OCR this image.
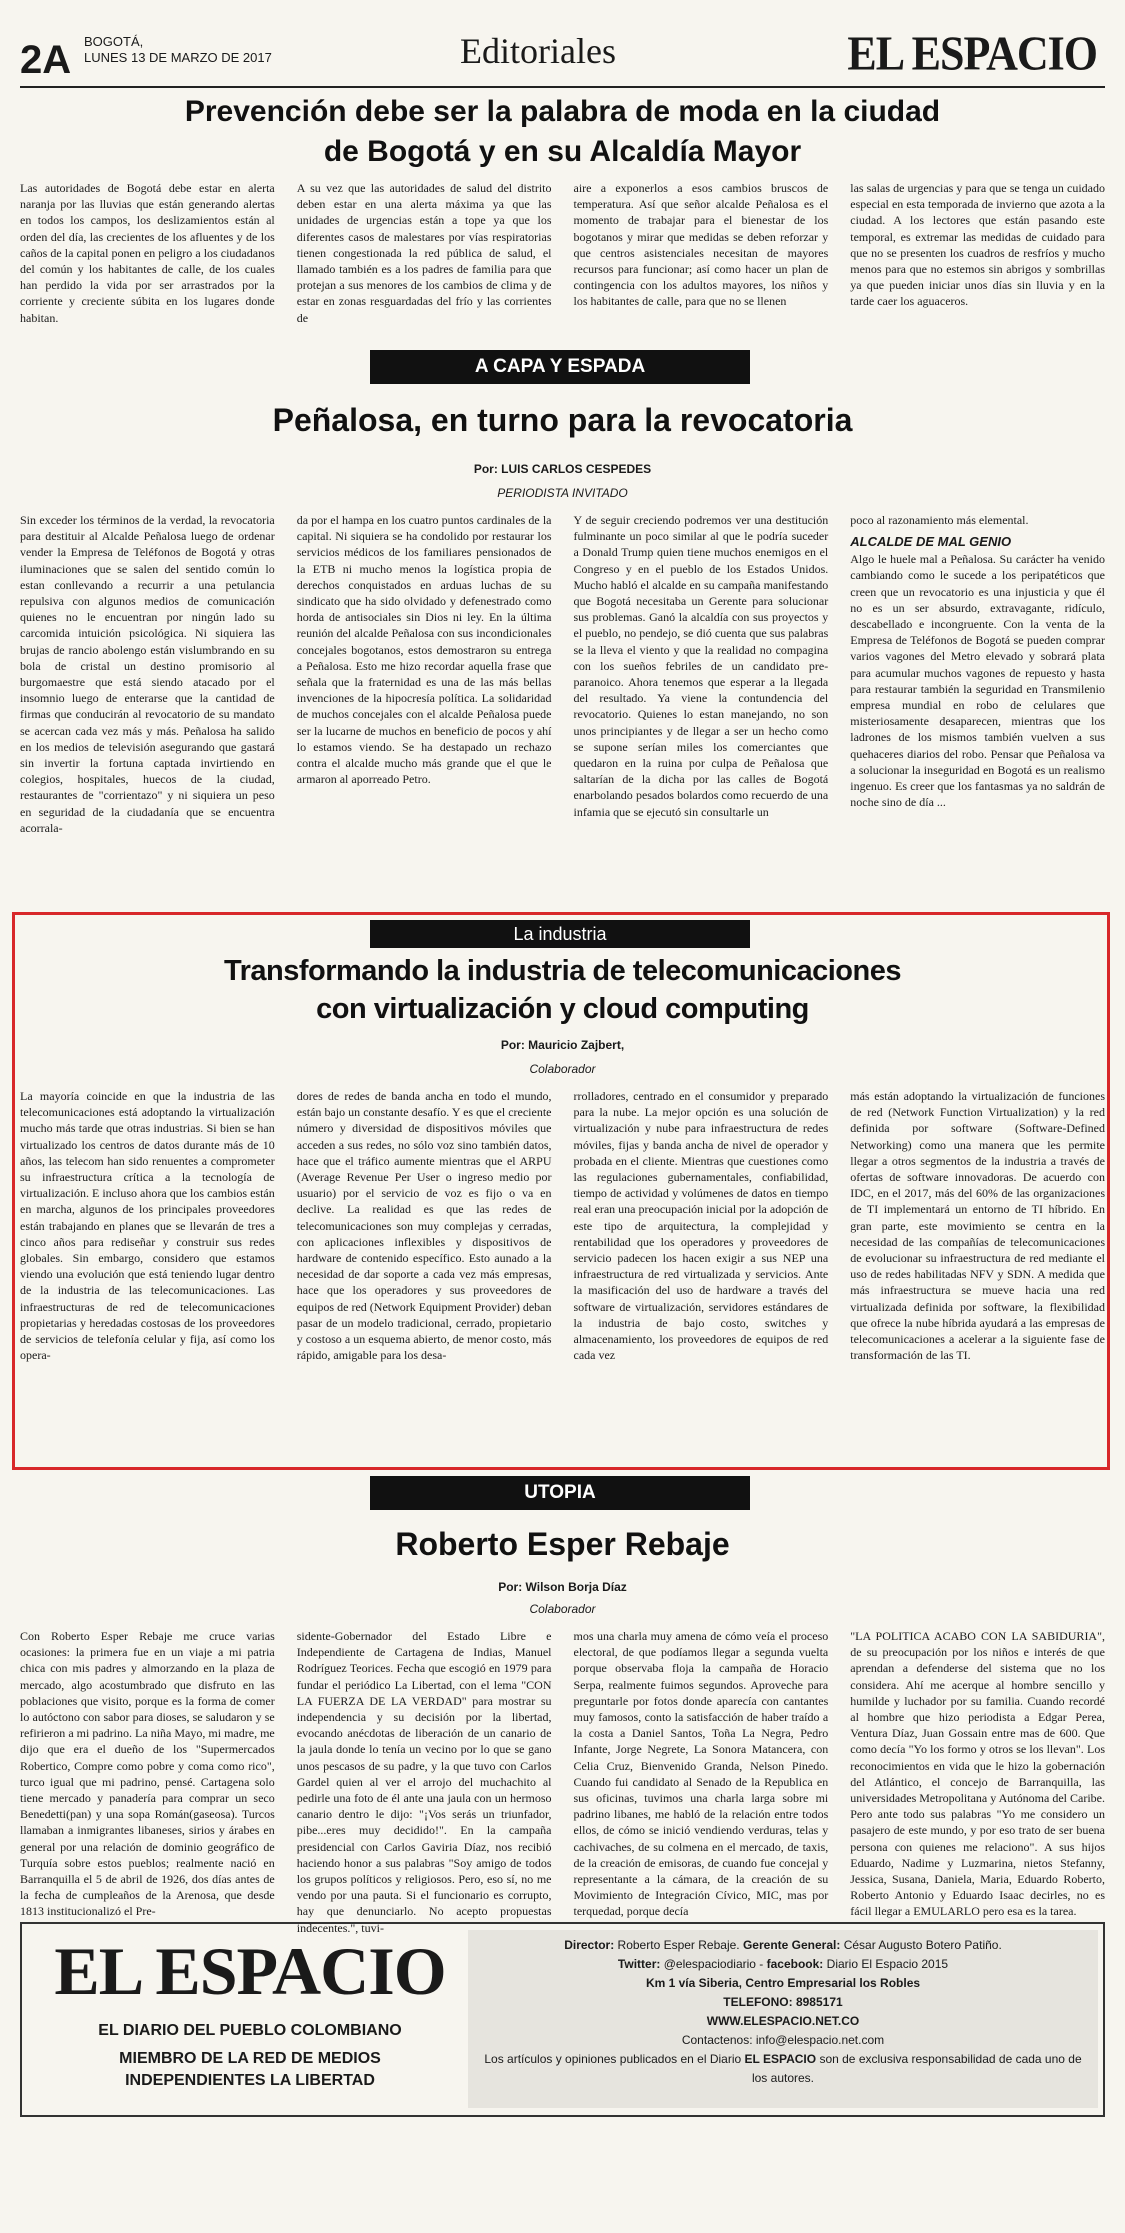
2A BOGOTÁ,
LUNES 13 DE MARZO DE 2017	Editoriales	EL ESPACIO
Prevención debe ser la palabra de moda en la ciudad
de Bogotá y en su Alcaldía Mayor
Las autoridades de Bogotá debe estar en alerta naranja por las lluvias que están generando alertas en todos los campos, los deslizamientos están al orden del día, las crecientes de los afluentes y de los caños de la capital ponen en peligro a los ciudadanos del común y los habitantes de calle, de los cuales han perdido la vida por ser arrastrados por la corriente y creciente súbita en los lugares donde habitan.
A su vez que las autoridades de salud del distrito deben estar en una alerta máxima ya que las unidades de urgencias están a tope ya que los diferentes casos de malestares por vías respiratorias tienen congestionada la red pública de salud, el llamado también es a los padres de familia para que protejan a sus menores de los cambios de clima y de estar en zonas resguardadas del frío y las corrientes de
aire a exponerlos a esos cambios bruscos de temperatura. Así que señor alcalde Peñalosa es el momento de trabajar para el bienestar de los bogotanos y mirar que medidas se deben reforzar y que centros asistenciales necesitan de mayores recursos para funcionar; así como hacer un plan de contingencia con los adultos mayores, los niños y los habitantes de calle, para que no se llenen
las salas de urgencias y para que se tenga un cuidado especial en esta temporada de invierno que azota a la ciudad. A los lectores que están pasando este temporal, es extremar las medidas de cuidado para que no se presenten los cuadros de resfríos y mucho menos para que no estemos sin abrigos y sombrillas ya que pueden iniciar unos días sin lluvia y en la tarde caer los aguaceros.
A CAPA Y ESPADA
Peñalosa, en turno para la revocatoria
Por: LUIS CARLOS CESPEDES
PERIODISTA INVITADO
Sin exceder los términos de la verdad, la revocatoria para destituir al Alcalde Peñalosa luego de ordenar vender la Empresa de Teléfonos de Bogotá y otras iluminaciones que se salen del sentido común lo estan conllevando a recurrir a una petulancia repulsiva con algunos medios de comunicación quienes no le encuentran por ningún lado su carcomida intuición psicológica. Ni siquiera las brujas de rancio abolengo están vislumbrando en su bola de cristal un destino promisorio al burgomaestre que está siendo atacado por el insomnio luego de enterarse que la cantidad de firmas que conducirán al revocatorio de su mandato se acercan cada vez más y más. Peñalosa ha salido en los medios de televisión asegurando que gastará sin invertir la fortuna captada invirtiendo en colegios, hospitales, huecos de la ciudad, restaurantes de "corrientazo" y ni siquiera un peso en seguridad de la ciudadanía que se encuentra acorrala-
da por el hampa en los cuatro puntos cardinales de la capital. Ni siquiera se ha condolido por restaurar los servicios médicos de los familiares pensionados de la ETB ni mucho menos la logística propia de derechos conquistados en arduas luchas de su sindicato que ha sido olvidado y defenestrado como horda de antisociales sin Dios ni ley. En la última reunión del alcalde Peñalosa con sus incondicionales concejales bogotanos, estos demostraron su entrega a Peñalosa. Esto me hizo recordar aquella frase que señala que la fraternidad es una de las más bellas invenciones de la hipocresía política. La solidaridad de muchos concejales con el alcalde Peñalosa puede ser la lucarne de muchos en beneficio de pocos y ahí lo estamos viendo. Se ha destapado un rechazo contra el alcalde mucho más grande que el que le armaron al aporreado Petro.
Y de seguir creciendo podremos ver una destitución fulminante un poco similar al que le podría suceder a Donald Trump quien tiene muchos enemigos en el Congreso y en el pueblo de los Estados Unidos. Mucho habló el alcalde en su campaña manifestando que Bogotá necesitaba un Gerente para solucionar sus problemas. Ganó la alcaldía con sus proyectos y el pueblo, no pendejo, se dió cuenta que sus palabras se la lleva el viento y que la realidad no compagina con los sueños febriles de un candidato pre-paranoico. Ahora tenemos que esperar a la llegada del resultado. Ya viene la contundencia del revocatorio. Quienes lo estan manejando, no son unos principiantes y de llegar a ser un hecho como se supone serían miles los comerciantes que quedaron en la ruina por culpa de Peñalosa que saltarían de la dicha por las calles de Bogotá enarbolando pesados bolardos como recuerdo de una infamia que se ejecutó sin consultarle un

poco al razonamiento más elemental.

ALCALDE DE MAL GENIO

Algo le huele mal a Peñalosa. Su carácter ha venido cambiando como le sucede a los peripatéticos que creen que un revocatorio es una injusticia y que él no es un ser absurdo, extravagante, ridículo, descabellado e incongruente. Con la venta de la Empresa de Teléfonos de Bogotá se pueden comprar varios vagones del Metro elevado y sobrará plata para acumular muchos vagones de repuesto y hasta para restaurar también la seguridad en Transmilenio empresa mundial en robo de celulares que misteriosamente desaparecen, mientras que los ladrones de los mismos también vuelven a sus quehaceres diarios del robo. Pensar que Peñalosa va a solucionar la inseguridad en Bogotá es un realismo ingenuo. Es creer que los fantasmas ya no saldrán de noche sino de día ...

La industria
Transformando la industria de telecomunicaciones
con virtualización y cloud computing
Por: Mauricio Zajbert,
Colaborador
La mayoría coincide en que la industria de las telecomunicaciones está adoptando la virtualización mucho más tarde que otras industrias. Si bien se han virtualizado los centros de datos durante más de 10 años, las telecom han sido renuentes a comprometer su infraestructura crítica a la tecnología de virtualización. E incluso ahora que los cambios están en marcha, algunos de los principales proveedores están trabajando en planes que se llevarán de tres a cinco años para rediseñar y construir sus redes globales. Sin embargo, considero que estamos viendo una evolución que está teniendo lugar dentro de la industria de las telecomunicaciones. Las infraestructuras de red de telecomunicaciones propietarias y heredadas costosas de los proveedores de servicios de telefonía celular y fija, así como los opera-
dores de redes de banda ancha en todo el mundo, están bajo un constante desafío. Y es que el creciente número y diversidad de dispositivos móviles que acceden a sus redes, no sólo voz sino también datos, hace que el tráfico aumente mientras que el ARPU (Average Revenue Per User o ingreso medio por usuario) por el servicio de voz es fijo o va en declive. La realidad es que las redes de telecomunicaciones son muy complejas y cerradas, con aplicaciones inflexibles y dispositivos de hardware de contenido específico. Esto aunado a la necesidad de dar soporte a cada vez más empresas, hace que los operadores y sus proveedores de equipos de red (Network Equipment Provider) deban pasar de un modelo tradicional, cerrado, propietario y costoso a un esquema abierto, de menor costo, más rápido, amigable para los desa-
rrolladores, centrado en el consumidor y preparado para la nube. La mejor opción es una solución de virtualización y nube para infraestructura de redes móviles, fijas y banda ancha de nivel de operador y probada en el cliente. Mientras que cuestiones como las regulaciones gubernamentales, confiabilidad, tiempo de actividad y volúmenes de datos en tiempo real eran una preocupación inicial por la adopción de este tipo de arquitectura, la complejidad y rentabilidad que los operadores y proveedores de servicio padecen los hacen exigir a sus NEP una infraestructura de red virtualizada y servicios. Ante la masificación del uso de hardware a través del software de virtualización, servidores estándares de la industria de bajo costo, switches y almacenamiento, los proveedores de equipos de red cada vez
más están adoptando la virtualización de funciones de red (Network Function Virtualization) y la red definida por software (Software-Defined Networking) como una manera que les permite llegar a otros segmentos de la industria a través de ofertas de software innovadoras. De acuerdo con IDC, en el 2017, más del 60% de las organizaciones de TI implementará un entorno de TI híbrido. En gran parte, este movimiento se centra en la necesidad de las compañías de telecomunicaciones de evolucionar su infraestructura de red mediante el uso de redes habilitadas NFV y SDN. A medida que más infraestructura se mueve hacia una red virtualizada definida por software, la flexibilidad que ofrece la nube híbrida ayudará a las empresas de telecomunicaciones a acelerar a la siguiente fase de transformación de las TI.
UTOPIA
Roberto Esper Rebaje
Por: Wilson Borja Díaz
Colaborador
Con Roberto Esper Rebaje me cruce varias ocasiones: la primera fue en un viaje a mi patria chica con mis padres y almorzando en la plaza de mercado, algo acostumbrado que disfruto en las poblaciones que visito, porque es la forma de comer lo autóctono con sabor para dioses, se saludaron y se refirieron a mi padrino. La niña Mayo, mi madre, me dijo que era el dueño de los "Supermercados Robertico, Compre como pobre y coma como rico", turco igual que mi padrino, pensé. Cartagena solo tiene mercado y panadería para comprar un seco Benedetti(pan) y una sopa Román(gaseosa). Turcos llamaban a inmigrantes libaneses, sirios y árabes en general por una relación de dominio geográfico de Turquía sobre estos pueblos; realmente nació en Barranquilla el 5 de abril de 1926, dos días antes de la fecha de cumpleaños de la Arenosa, que desde 1813 institucionalizó el Pre-
sidente-Gobernador del Estado Libre e Independiente de Cartagena de Indias, Manuel Rodríguez Teorices. Fecha que escogió en 1979 para fundar el periódico La Libertad, con el lema "CON LA FUERZA DE LA VERDAD" para mostrar su independencia y su decisión por la libertad, evocando anécdotas de liberación de un canario de la jaula donde lo tenía un vecino por lo que se gano unos pescasos de su padre, y la que tuvo con Carlos Gardel quien al ver el arrojo del muchachito al pedirle una foto de él ante una jaula con un hermoso canario dentro le dijo: "¡Vos serás un triunfador, pibe...eres muy decidido!". En la campaña presidencial con Carlos Gaviria Díaz, nos recibió haciendo honor a sus palabras "Soy amigo de todos los grupos políticos y religiosos. Pero, eso sí, no me vendo por una pauta. Si el funcionario es corrupto, hay que denunciarlo. No acepto propuestas indecentes.", tuvi-
mos una charla muy amena de cómo veía el proceso electoral, de que podíamos llegar a segunda vuelta porque observaba floja la campaña de Horacio Serpa, realmente fuimos segundos. Aproveche para preguntarle por fotos donde aparecía con cantantes muy famosos, conto la satisfacción de haber traído a la costa a Daniel Santos, Toña La Negra, Pedro Infante, Jorge Negrete, La Sonora Matancera, con Celia Cruz, Bienvenido Granda, Nelson Pinedo. Cuando fui candidato al Senado de la Republica en sus oficinas, tuvimos una charla larga sobre mi padrino libanes, me habló de la relación entre todos ellos, de cómo se inició vendiendo verduras, telas y cachivaches, de su colmena en el mercado, de taxis, de la creación de emisoras, de cuando fue concejal y representante a la cámara, de la creación de su Movimiento de Integración Cívico, MIC, mas por terquedad, porque decía
"LA POLITICA ACABO CON LA SABIDURIA", de su preocupación por los niños e interés de que aprendan a defenderse del sistema que no los considera. Ahí me acerque al hombre sencillo y humilde y luchador por su familia. Cuando recordé al hombre que hizo periodista a Edgar Perea, Ventura Díaz, Juan Gossain entre mas de 600. Que como decía "Yo los formo y otros se los llevan". Los reconocimientos en vida que le hizo la gobernación del Atlántico, el concejo de Barranquilla, las universidades Metropolitana y Autónoma del Caribe. Pero ante todo sus palabras "Yo me considero un pasajero de este mundo, y por eso trato de ser buena persona con quienes me relaciono". A sus hijos Eduardo, Nadime y Luzmarina, nietos Stefanny, Jessica, Susana, Daniela, Maria, Eduardo Roberto, Roberto Antonio y Eduardo Isaac decirles, no es fácil llegar a EMULARLO pero esa es la tarea.
EL ESPACIO
EL DIARIO DEL PUEBLO COLOMBIANO
MIEMBRO DE LA RED DE MEDIOS
INDEPENDIENTES LA LIBERTAD
Director: Roberto Esper Rebaje. Gerente General: César Augusto Botero Patiño.
Twitter: @elespaciodiario - facebook: Diario El Espacio 2015
Km 1 vía Siberia, Centro Empresarial los Robles
TELEFONO: 8985171
WWW.ELESPACIO.NET.CO
Contactenos: info@elespacio.net.com
Los artículos y opiniones publicados en el Diario EL ESPACIO son de exclusiva responsabilidad de cada uno de los autores.
